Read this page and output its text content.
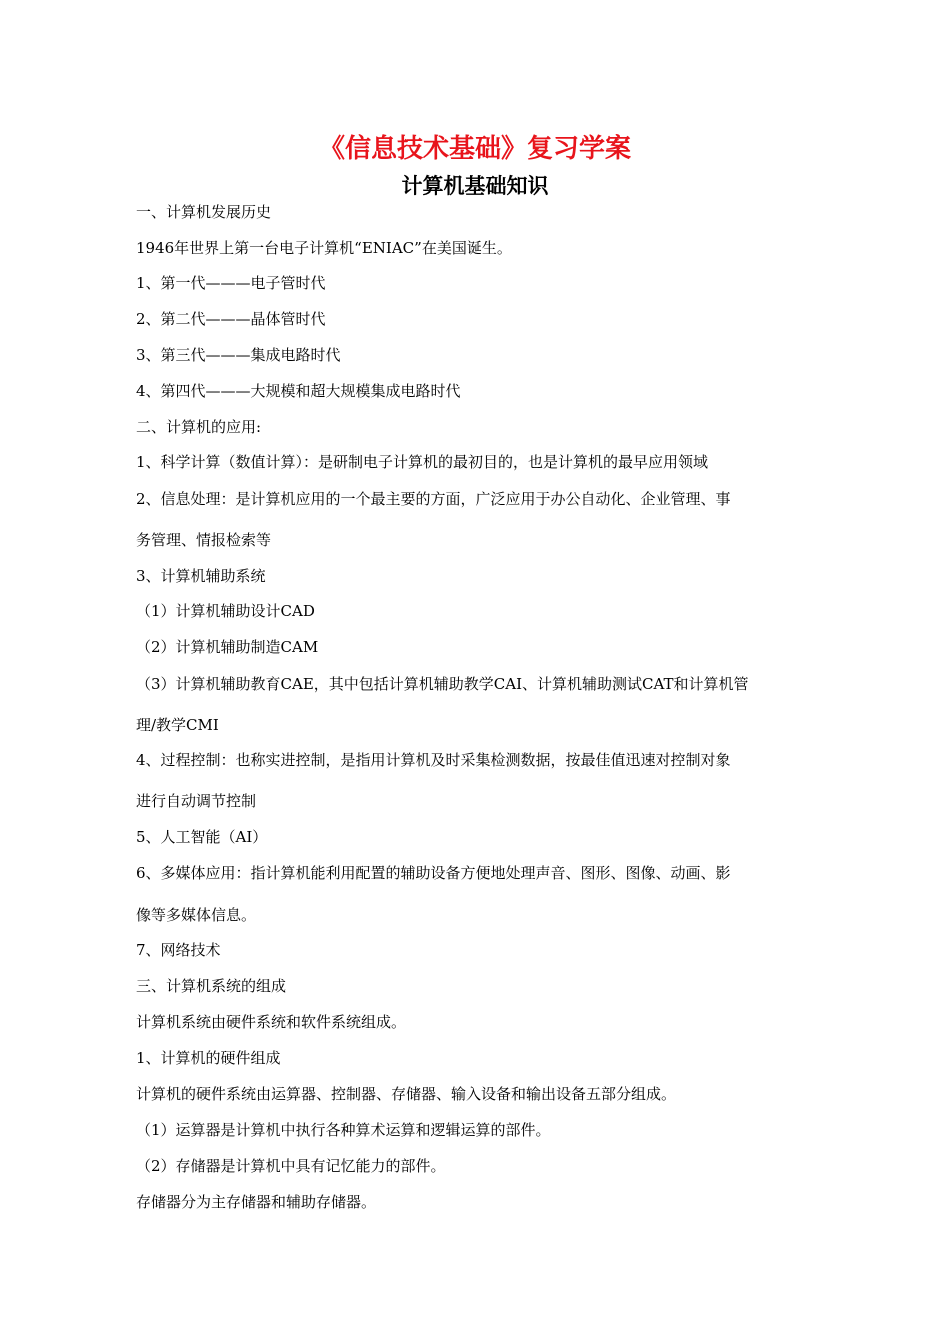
《信息技术基础》复习学案
计算机基础知识

一、计算机发展历史

1946年世界上第一台电子计算机“ENIAC”在美国诞生。

1、第一代———电子管时代

2、第二代———晶体管时代

3、第三代———集成电路时代

4、第四代———大规模和超大规模集成电路时代

二、计算机的应用:

1、科学计算（数值计算）：是研制电子计算机的最初目的，也是计算机的最早应用领域

2、信息处理：是计算机应用的一个最主要的方面，广泛应用于办公自动化、企业管理、事

务管理、情报检索等

3、计算机辅助系统

（1）计算机辅助设计CAD

（2）计算机辅助制造CAM

（3）计算机辅助教育CAE，其中包括计算机辅助教学CAI、计算机辅助测试CAT和计算机管

理/教学CMI

4、过程控制：也称实进控制，是指用计算机及时采集检测数据，按最佳值迅速对控制对象

进行自动调节控制

5、人工智能（AI）

6、多媒体应用：指计算机能利用配置的辅助设备方便地处理声音、图形、图像、动画、影

像等多媒体信息。

7、网络技术

三、计算机系统的组成

计算机系统由硬件系统和软件系统组成。

1、计算机的硬件组成

计算机的硬件系统由运算器、控制器、存储器、输入设备和输出设备五部分组成。

（1）运算器是计算机中执行各种算术运算和逻辑运算的部件。

（2）存储器是计算机中具有记忆能力的部件。

存储器分为主存储器和辅助存储器。
